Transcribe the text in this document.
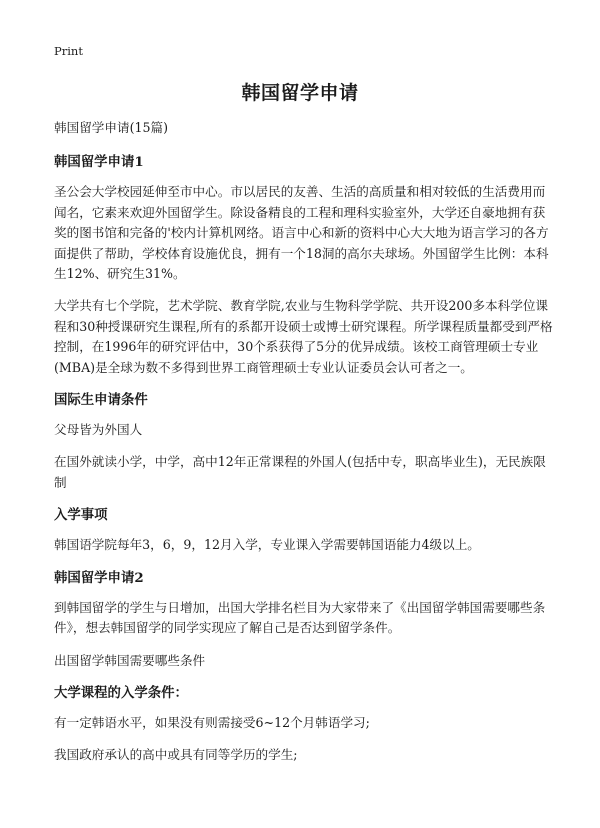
Print
韩国留学申请

韩国留学申请(15篇)

韩国留学申请1

圣公会大学校园延伸至市中心。市以居民的友善、生活的高质量和相对较低的生活费用而闻名，它素来欢迎外国留学生。除设备精良的工程和理科实验室外，大学还自豪地拥有获奖的图书馆和完备的'校内计算机网络。语言中心和新的资料中心大大地为语言学习的各方面提供了帮助，学校体育设施优良，拥有一个18洞的高尔夫球场。外国留学生比例：本科生12%、研究生31%。

大学共有七个学院，艺术学院、教育学院,农业与生物科学学院、共开设200多本科学位课程和30种授课研究生课程,所有的系都开设硕士或博士研究课程。所学课程质量都受到严格控制，在1996年的研究评估中，30个系获得了5分的优异成绩。该校工商管理硕士专业(MBA)是全球为数不多得到世界工商管理硕士专业认证委员会认可者之一。

国际生申请条件

父母皆为外国人

在国外就读小学，中学，高中12年正常课程的外国人(包括中专，职高毕业生)，无民族限制

入学事项

韩国语学院每年3，6，9，12月入学，专业课入学需要韩国语能力4级以上。

韩国留学申请2

到韩国留学的学生与日增加，出国大学排名栏目为大家带来了《出国留学韩国需要哪些条件》，想去韩国留学的同学实现应了解自己是否达到留学条件。

出国留学韩国需要哪些条件

大学课程的入学条件：

有一定韩语水平，如果没有则需接受6~12个月韩语学习;

我国政府承认的高中或具有同等学历的学生;
